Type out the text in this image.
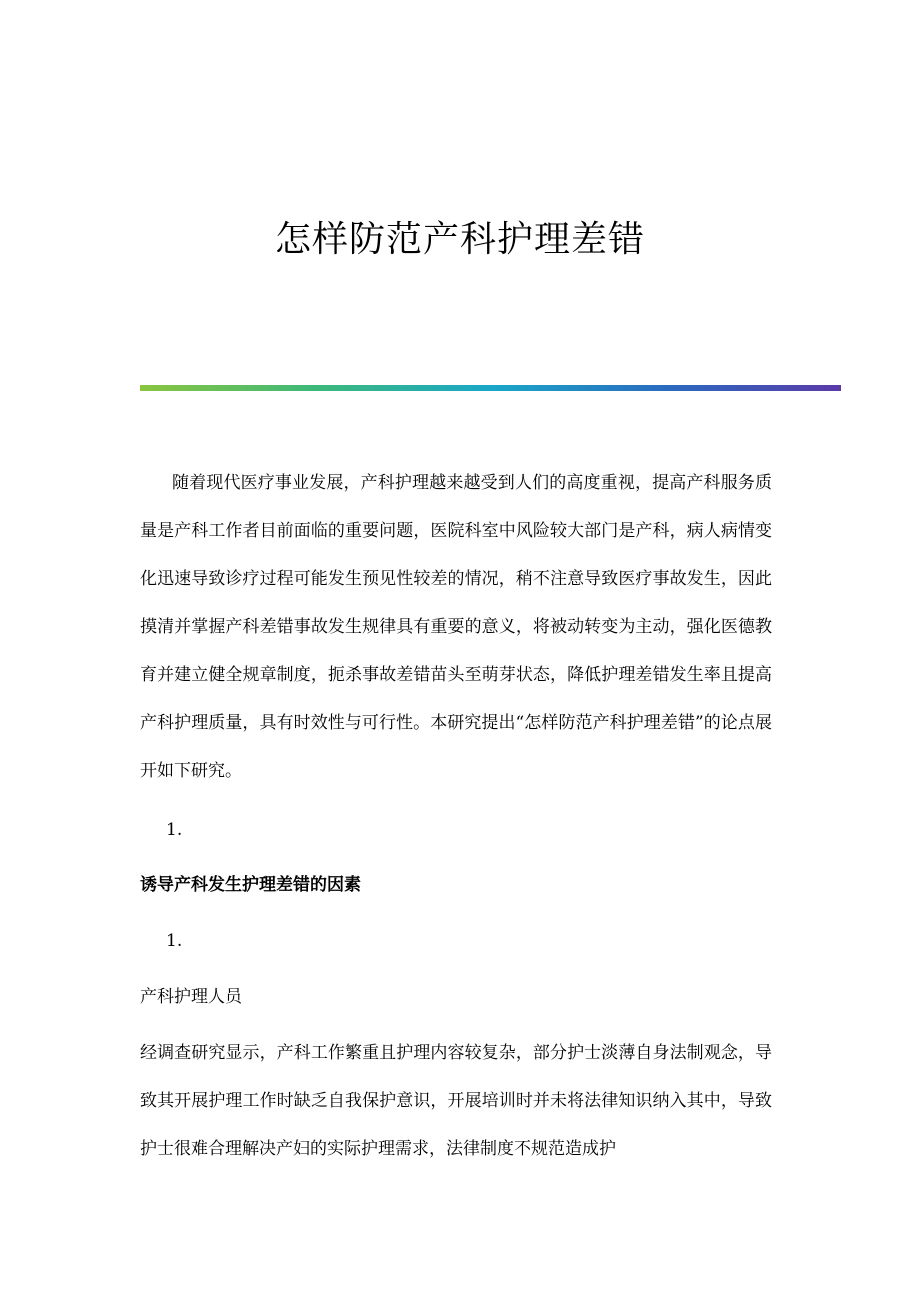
怎样防范产科护理差错

随着现代医疗事业发展，产科护理越来越受到人们的高度重视，提高产科服务质量是产科工作者目前面临的重要问题，医院科室中风险较大部门是产科，病人病情变化迅速导致诊疗过程可能发生预见性较差的情况，稍不注意导致医疗事故发生，因此摸清并掌握产科差错事故发生规律具有重要的意义，将被动转变为主动，强化医德教育并建立健全规章制度，扼杀事故差错苗头至萌芽状态，降低护理差错发生率且提高产科护理质量，具有时效性与可行性。本研究提出“怎样防范产科护理差错”的论点展开如下研究。

1.

诱导产科发生护理差错的因素

1.

产科护理人员

经调查研究显示，产科工作繁重且护理内容较复杂，部分护士淡薄自身法制观念，导致其开展护理工作时缺乏自我保护意识，开展培训时并未将法律知识纳入其中，导致护士很难合理解决产妇的实际护理需求，法律制度不规范造成护
